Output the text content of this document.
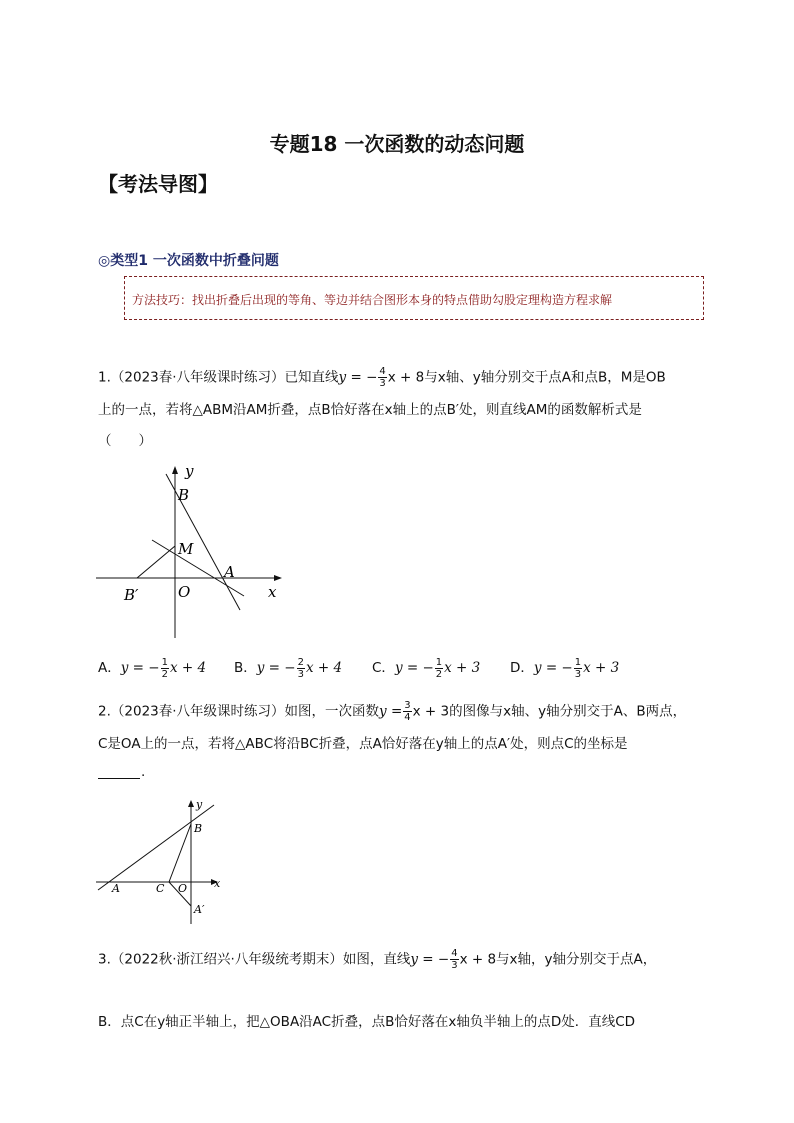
专题18 一次函数的动态问题
【考法导图】
◎类型1 一次函数中折叠问题
方法技巧：找出折叠后出现的等角、等边并结合图形本身的特点借助勾股定理构造方程求解
1.（2023春·八年级课时练习）已知直线y = − $\frac{4}{3}$ x + 8与x轴、y轴分别交于点A和点B，M是OB
上的一点，若将△ABM沿AM折叠，点B恰好落在x轴上的点B′处，则直线AM的函数解析式是
（　　）
y
B
M
A
O
B′	x
A．y = − $\frac{1}{2}$ x + 4 B．y = − $\frac{2}{3}$ x + 4 C．y = − $\frac{1}{2}$ x + 3 D．y = − $\frac{1}{3}$ x + 3
2.（2023春·八年级课时练习）如图，一次函数$y = \frac{3}{4}$ x + 3的图像与x轴、y轴分别交于A、B两点，
C是OA上的一点，若将△ABC将沿BC折叠，点A恰好落在y轴上的点A′处，则点C的坐标是
.
y
B
A	C O x
A′
3.（2022秋·浙江绍兴·八年级统考期末）如图，直线y = − $\frac{4}{3}$ x + 8与x轴，y轴分别交于点A，
B．点C在y轴正半轴上，把△OBA沿AC折叠，点B恰好落在x轴负半轴上的点D处．直线CD
